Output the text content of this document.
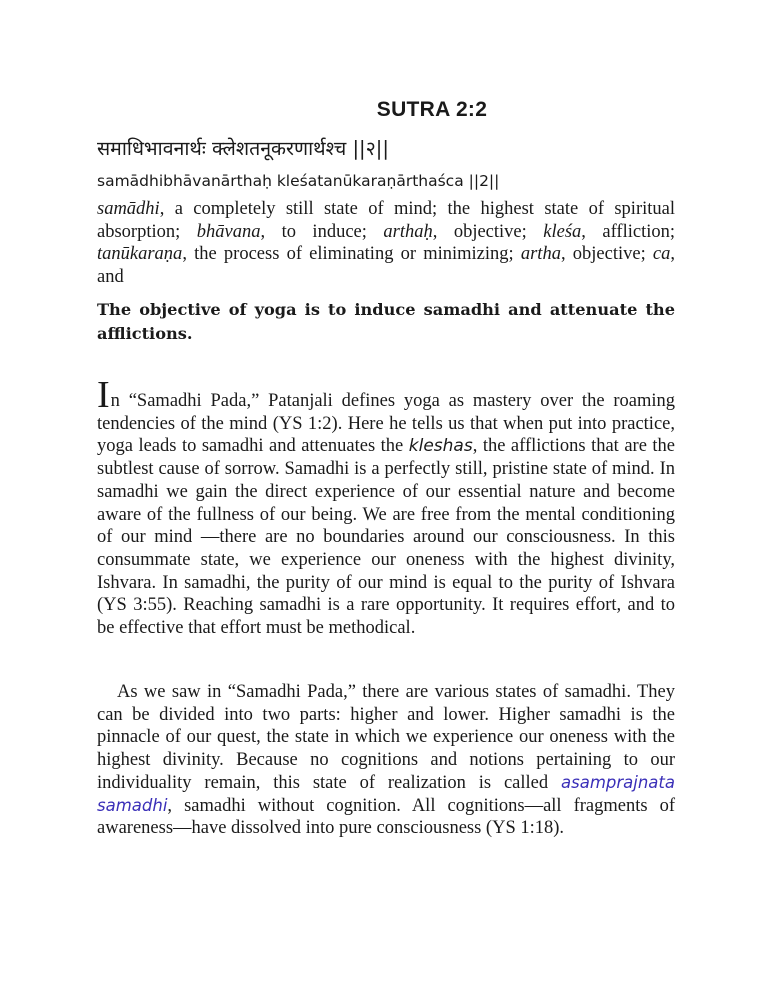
SUTRA 2:2
समाधिभावनार्थः क्लेशतनूकरणार्थश्च ||२||
samādhibhāvanārthaḥ kleśatanūkaraṇārthaśca ||2||
samādhi, a completely still state of mind; the highest state of spiritual absorption; bhāvana, to induce; arthaḥ, objective; kleśa, affliction; tanūkaraṇa, the process of eliminating or minimizing; artha, objective; ca, and
The objective of yoga is to induce samadhi and attenuate the afflictions.

In “Samadhi Pada,” Patanjali defines yoga as mastery over the roaming tendencies of the mind (YS 1:2). Here he tells us that when put into practice, yoga leads to samadhi and attenuates the kleshas, the afflictions that are the subtlest cause of sorrow. Samadhi is a perfectly still, pristine state of mind. In samadhi we gain the direct experience of our essential nature and become aware of the fullness of our being. We are free from the mental conditioning of our mind —there are no boundaries around our consciousness. In this consummate state, we experience our oneness with the highest divinity, Ishvara. In samadhi, the purity of our mind is equal to the purity of Ishvara (YS 3:55). Reaching samadhi is a rare opportunity. It requires effort, and to be effective that effort must be methodical.

As we saw in “Samadhi Pada,” there are various states of samadhi. They can be divided into two parts: higher and lower. Higher samadhi is the pinnacle of our quest, the state in which we experience our oneness with the highest divinity. Because no cognitions and notions pertaining to our individuality remain, this state of realization is called asamprajnata samadhi, samadhi without cognition. All cognitions—all fragments of awareness—have dissolved into pure consciousness (YS 1:18).
